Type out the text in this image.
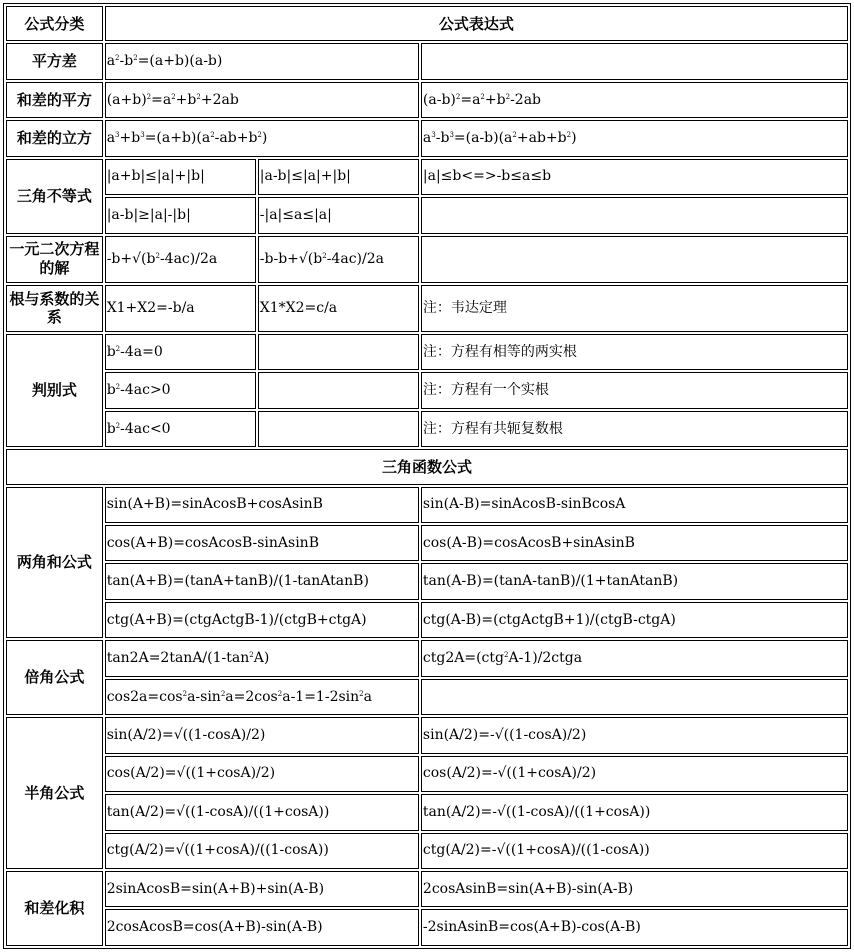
公式分类	公式表达式		
平方差	$a^2-b^2=(a+b)(a-b)$		
和差的平方	$(a+b)^2=a^2+b^2+2ab$		$(a-b)^2=a^2+b^2-2ab$
和差的立方	$a^3+b^3=(a+b)(a^2-ab+b^2)$		$a^3-b^3=(a-b)(a^2+ab+b^2)$
三角不等式	|a+b|≤|a|+|b|	|a-b|≤|a|+|b|	|a|≤b<=>-b≤a≤b
	|a-b|≥|a|-|b|	-|a|≤a≤|a|	
一元二次方程的解	$-b+√(b^2-4ac)/2a$	$-b-b+√(b^2-4ac)/2a$	
根与系数的关系	X1+X2=-b/a	X1*X2=c/a	注：韦达定理
判别式	$b^2-4a=0$		注：方程有相等的两实根
	$b^2-4ac>0$		注：方程有一个实根
	$b^2-4ac<0$		注：方程有共轭复数根
三角函数公式			
两角和公式	sin(A+B)=sinAcosB+cosAsinB		sin(A-B)=sinAcosB-sinBcosA
	cos(A+B)=cosAcosB-sinAsinB		cos(A-B)=cosAcosB+sinAsinB
	tan(A+B)=(tanA+tanB)/(1-tanAtanB)		tan(A-B)=(tanA-tanB)/(1+tanAtanB)
	ctg(A+B)=(ctgActgB-1)/(ctgB+ctgA)		ctg(A-B)=(ctgActgB+1)/(ctgB-ctgA)
倍角公式	$\tan 2A=2\tan A/(1-\tan^2A)$		ctg2A=(ctg$^2$A-1)/2ctga
	$\cos 2a=\cos^2a-\sin^2a=2\cos^2a-1=1-2\sin^2a$		
半角公式	sin(A/2)=√((1-cosA)/2)		sin(A/2)=-√((1-cosA)/2)
	cos(A/2)=√((1+cosA)/2)		cos(A/2)=-√((1+cosA)/2)
	tan(A/2)=√((1-cosA)/((1+cosA))		tan(A/2)=-√((1-cosA)/((1+cosA))
	ctg(A/2)=√((1+cosA)/((1-cosA))		ctg(A/2)=-√((1+cosA)/((1-cosA))
和差化积	2sinAcosB=sin(A+B)+sin(A-B)		2cosAsinB=sin(A+B)-sin(A-B)
	2cosAcosB=cos(A+B)-sin(A-B)		-2sinAsinB=cos(A+B)-cos(A-B)
